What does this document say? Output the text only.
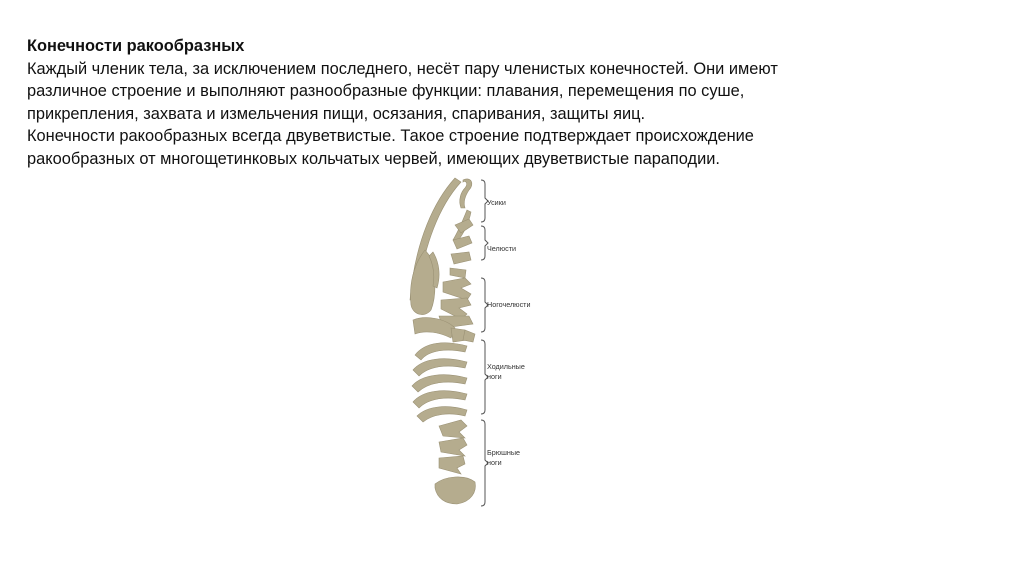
Конечности ракообразных
Каждый членик тела, за исключением последнего, несёт пару членистых конечностей. Они имеют
различное строение и выполняют разнообразные функции: плавания, перемещения по суше,
прикрепления, захвата и измельчения пищи, осязания, спаривания, защиты яиц.
Конечности ракообразных всегда двуветвистые. Такое строение подтверждает происхождение
ракообразных от многощетинковых кольчатых червей, имеющих двуветвистые параподии.
Усики
Челюсти
Ногочелюсти
Ходильные
ноги
Брюшные
ноги
